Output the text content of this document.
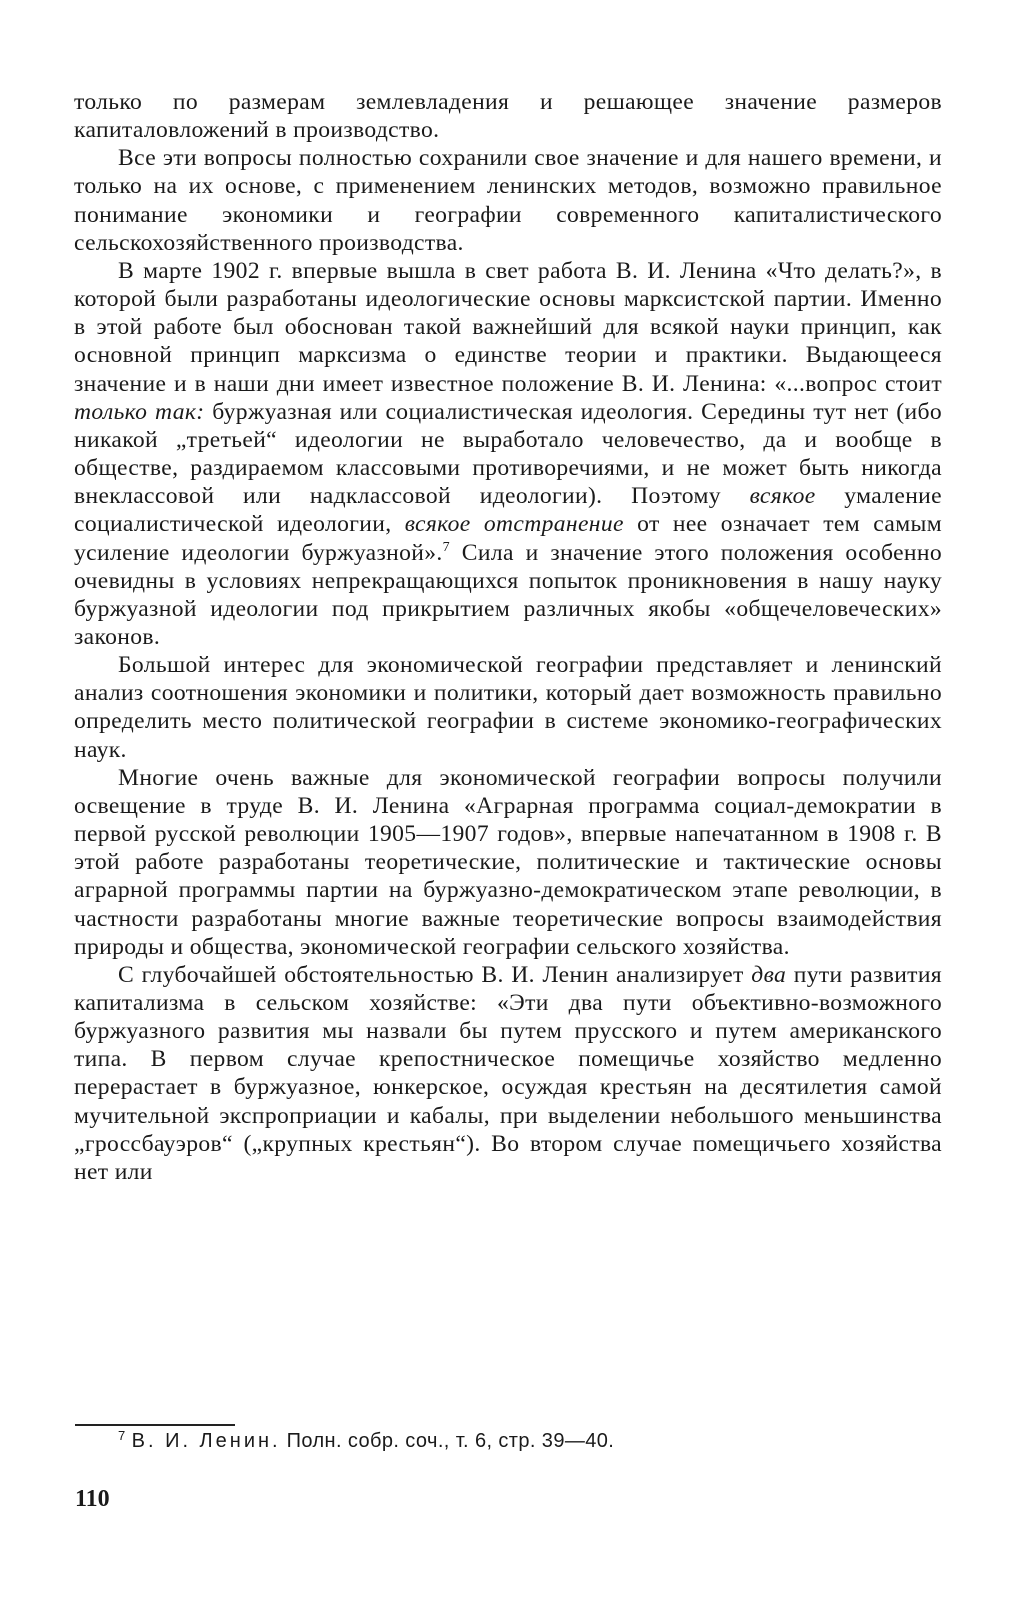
только по размерам землевладения и решающее значение размеров капиталовложений в производство.

Все эти вопросы полностью сохранили свое значение и для нашего времени, и только на их основе, с применением ленинских методов, возможно правильное понимание экономики и географии современного капиталистического сельскохозяйственного производства.

В марте 1902 г. впервые вышла в свет работа В. И. Ленина «Что делать?», в которой были разработаны идеологические основы марксистской партии. Именно в этой работе был обоснован такой важнейший для всякой науки принцип, как основной принцип марксизма о единстве теории и практики. Выдающееся значение и в наши дни имеет известное положение В. И. Ленина: «...вопрос стоит только так: буржуазная или социалистическая идеология. Середины тут нет (ибо никакой „третьей“ идеологии не выработало человечество, да и вообще в обществе, раздираемом классовыми противоречиями, и не может быть никогда внеклассовой или надклассовой идеологии). Поэтому всякое умаление социалистической идеологии, всякое отстранение от нее означает тем самым усиление идеологии буржуазной».$^7$ Сила и значение этого положения особенно очевидны в условиях непрекращающихся попыток проникновения в нашу науку буржуазной идеологии под прикрытием различных якобы «общечеловеческих» законов.

Большой интерес для экономической географии представляет и ленинский анализ соотношения экономики и политики, который дает возможность правильно определить место политической географии в системе экономико-географических наук.

Многие очень важные для экономической географии вопросы получили освещение в труде В. И. Ленина «Аграрная программа социал-демократии в первой русской революции 1905—1907 годов», впервые напечатанном в 1908 г. В этой работе разработаны теоретические, политические и тактические основы аграрной программы партии на буржуазно-демократическом этапе революции, в частности разработаны многие важные теоретические вопросы взаимодействия природы и общества, экономической географии сельского хозяйства.

С глубочайшей обстоятельностью В. И. Ленин анализирует два пути развития капитализма в сельском хозяйстве: «Эти два пути объективно-возможного буржуазного развития мы назвали бы путем прусского и путем американского типа. В первом случае крепостническое помещичье хозяйство медленно перерастает в буржуазное, юнкерское, осуждая крестьян на десятилетия самой мучительной экспроприации и кабалы, при выделении небольшого меньшинства „гроссбауэров“ („крупных крестьян“). Во втором случае помещичьего хозяйства нет или

$^7$ В. И. Ленин. Полн. собр. соч., т. 6, стр. 39—40.
110
